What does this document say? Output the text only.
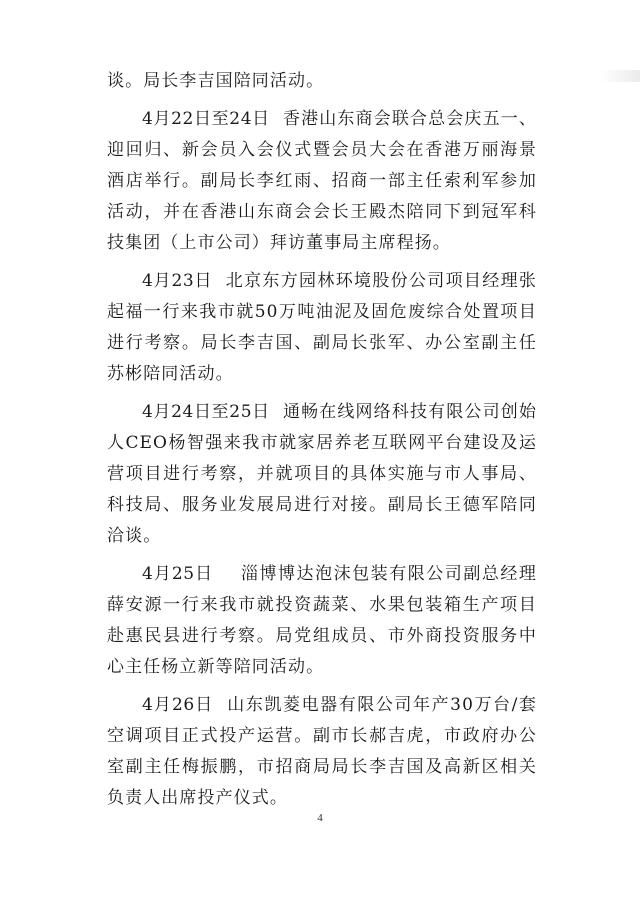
谈。局长李吉国陪同活动。

4月22日至24日 香港山东商会联合总会庆五一、迎回归、新会员入会仪式暨会员大会在香港万丽海景酒店举行。副局长李红雨、招商一部主任索利军参加活动，并在香港山东商会会长王殿杰陪同下到冠军科技集团（上市公司）拜访董事局主席程扬。

4月23日 北京东方园林环境股份公司项目经理张起福一行来我市就50万吨油泥及固危废综合处置项目进行考察。局长李吉国、副局长张军、办公室副主任苏彬陪同活动。

4月24日至25日 通畅在线网络科技有限公司创始人CEO杨智强来我市就家居养老互联网平台建设及运营项目进行考察，并就项目的具体实施与市人事局、科技局、服务业发展局进行对接。副局长王德军陪同洽谈。

4月25日 淄博博达泡沫包装有限公司副总经理薛安源一行来我市就投资蔬菜、水果包装箱生产项目赴惠民县进行考察。局党组成员、市外商投资服务中心主任杨立新等陪同活动。

4月26日 山东凯菱电器有限公司年产30万台/套空调项目正式投产运营。副市长郝吉虎，市政府办公室副主任梅振鹏，市招商局局长李吉国及高新区相关负责人出席投产仪式。

4
